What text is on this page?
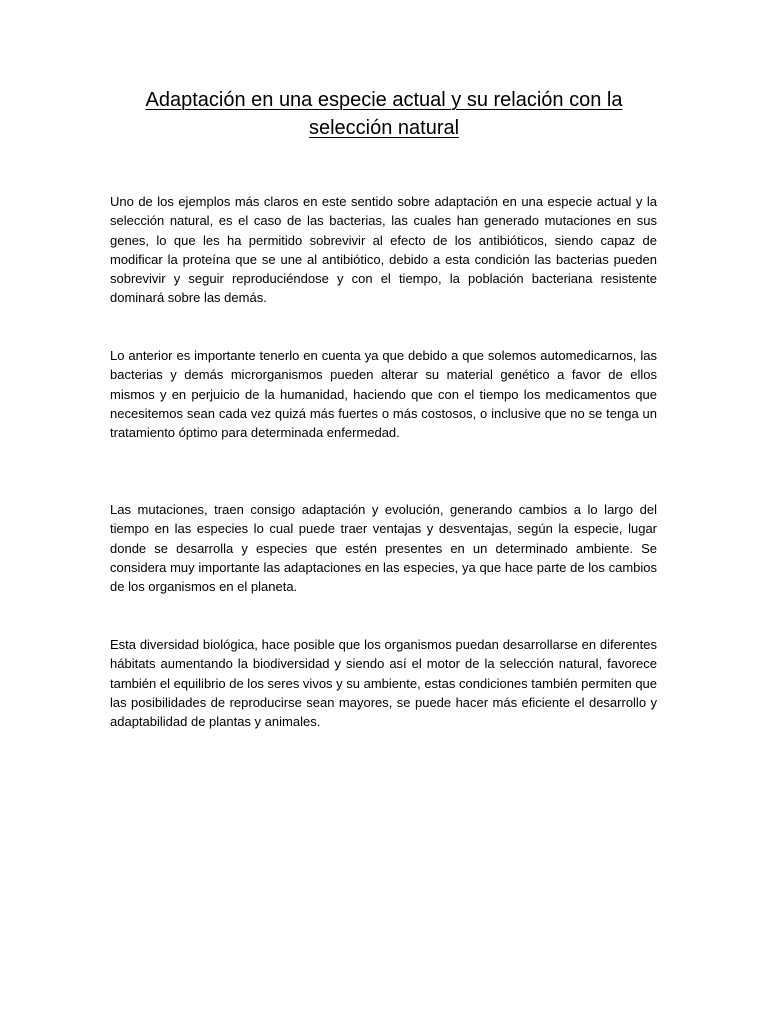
Adaptación en una especie actual y su relación con la selección natural

Uno de los ejemplos más claros en este sentido sobre adaptación en una especie actual y la selección natural, es el caso de las bacterias, las cuales han generado mutaciones en sus genes, lo que les ha permitido sobrevivir al efecto de los antibióticos, siendo capaz de modificar la proteína que se une al antibiótico, debido a esta condición las bacterias pueden sobrevivir y seguir reproduciéndose y con el tiempo, la población bacteriana resistente dominará sobre las demás.

Lo anterior es importante tenerlo en cuenta ya que debido a que solemos automedicarnos, las bacterias y demás microrganismos pueden alterar su material genético a favor de ellos mismos y en perjuicio de la humanidad, haciendo que con el tiempo los medicamentos que necesitemos sean cada vez quizá más fuertes o más costosos, o inclusive que no se tenga un tratamiento óptimo para determinada enfermedad.

Las mutaciones, traen consigo adaptación y evolución, generando cambios a lo largo del tiempo en las especies lo cual puede traer ventajas y desventajas, según la especie, lugar donde se desarrolla y especies que estén presentes en un determinado ambiente. Se considera muy importante las adaptaciones en las especies, ya que hace parte de los cambios de los organismos en el planeta.

Esta diversidad biológica, hace posible que los organismos puedan desarrollarse en diferentes hábitats aumentando la biodiversidad y siendo así el motor de la selección natural, favorece también el equilibrio de los seres vivos y su ambiente, estas condiciones también permiten que las posibilidades de reproducirse sean mayores, se puede hacer más eficiente el desarrollo y adaptabilidad de plantas y animales.
